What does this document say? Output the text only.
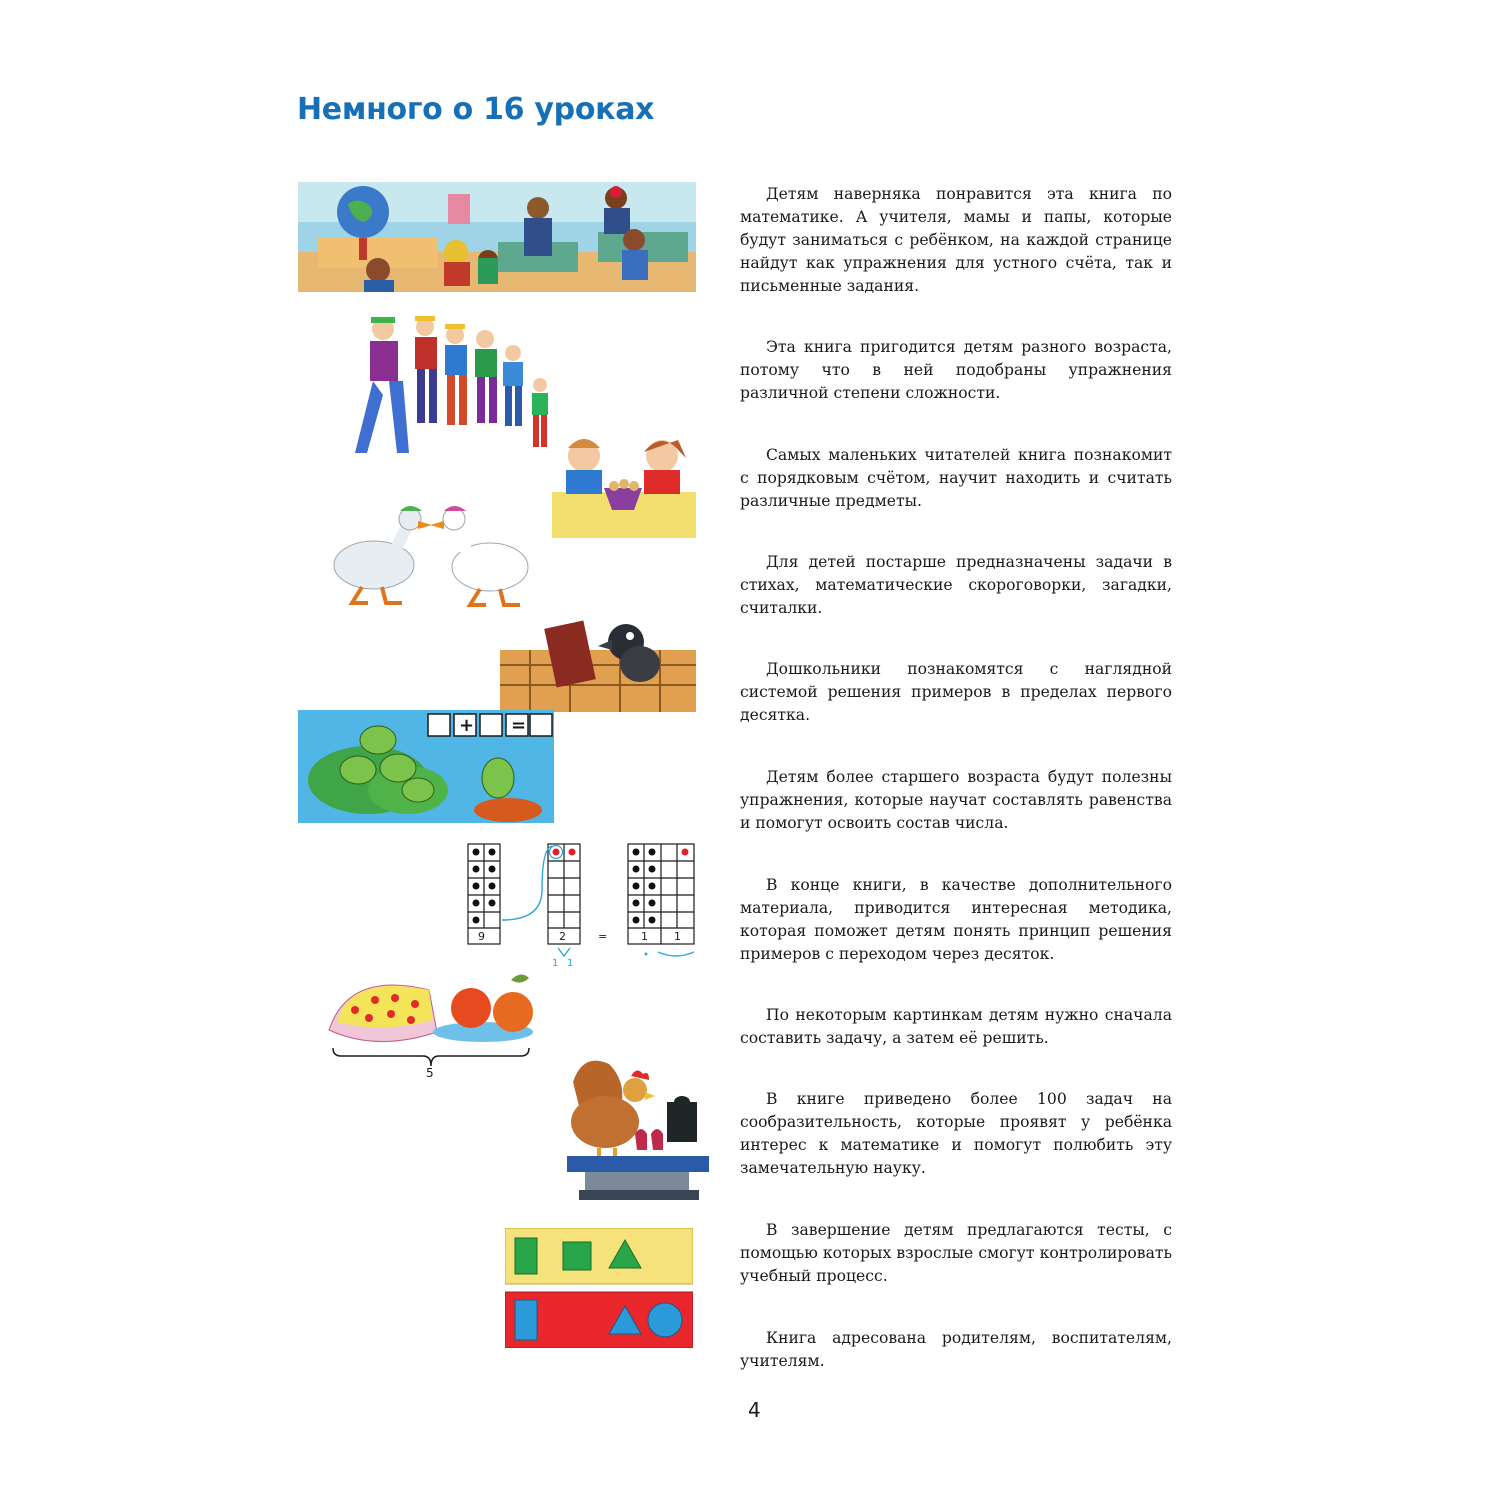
Немного о 16 уроках

Детям наверняка понравится эта книга по математике. А учителя, мамы и папы, которые будут заниматься с ребёнком, на каждой странице найдут как упражнения для устного счёта, так и письменные задания.

Эта книга пригодится детям разного возраста, потому что в ней подобраны упражнения различной степени сложности.

Самых маленьких читателей книга познакомит с порядковым счётом, научит находить и считать различные предметы.

Для детей постарше предназначены задачи в стихах, математические скороговорки, загадки, считалки.

Дошкольники познакомятся с наглядной системой решения примеров в пределах первого десятка.

Детям более старшего возраста будут полезны упражнения, которые научат составлять равенства и помогут освоить состав числа.

В конце книги, в качестве дополнительного материала, приводится интересная методика, которая поможет детям понять принцип решения примеров с переходом через десяток.

По некоторым картинкам детям нужно сначала составить задачу, а затем её решить.

В книге приведено более 100 задач на сообразительность, которые проявят у ребёнка интерес к математике и помогут полюбить эту замечательную науку.

В завершение детям предлагаются тесты, с помощью которых взрослые смогут контролировать учебный процесс.

Книга адресована родителям, воспитателям, учителям.

4
+ =
9	2	=	1 1
1 1
5
